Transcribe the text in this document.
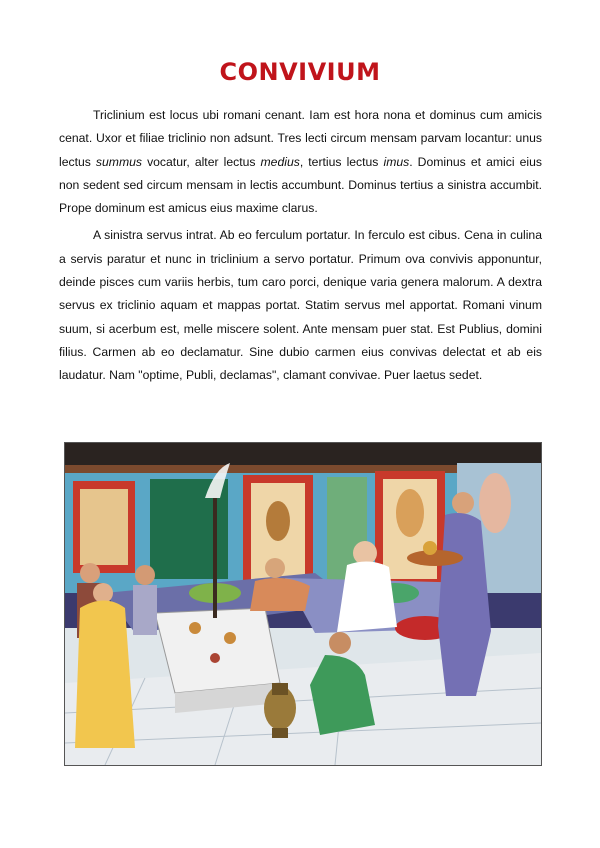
CONVIVIUM

Triclinium est locus ubi romani cenant. Iam est hora nona et dominus cum amicis cenat. Uxor et filiae triclinio non adsunt. Tres lecti circum mensam parvam locantur: unus lectus summus vocatur, alter lectus medius, tertius lectus imus. Dominus et amici eius non sedent sed circum mensam in lectis accumbunt. Dominus tertius a sinistra accumbit. Prope dominum est amicus eius maxime clarus.

A sinistra servus intrat. Ab eo ferculum portatur. In ferculo est cibus. Cena in culina a servis paratur et nunc in triclinium a servo portatur. Primum ova convivis apponuntur, deinde pisces cum variis herbis, tum caro porci, denique varia genera malorum. A dextra servus ex triclinio aquam et mappas portat. Statim servus mel apportat. Romani vinum suum, si acerbum est, melle miscere solent. Ante mensam puer stat. Est Publius, domini filius. Carmen ab eo declamatur. Sine dubio carmen eius convivas delectat et ab eis laudatur. Nam "optime, Publi, declamas", clamant convivae. Puer laetus sedet.
